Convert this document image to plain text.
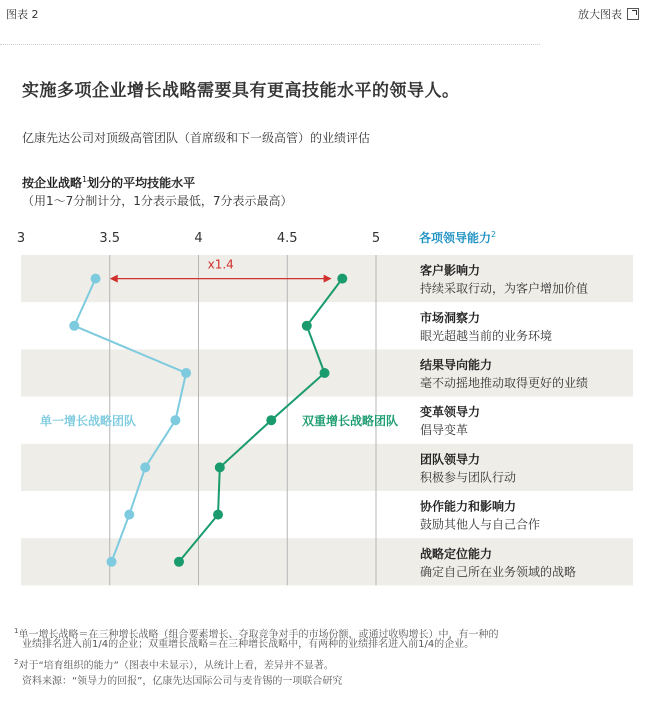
图表 2	放大图表
实施多项企业增长战略需要具有更高技能水平的领导人。
亿康先达公司对顶级高管团队（首席级和下一级高管）的业绩评估
按企业战略$^1$划分的平均技能水平
（用1～7分制计分，1分表示最低，7分表示最高）
3	3.5	4	4.5	5	各项领导能力$^2$
客户影响力
持续采取行动，为客户增加价值
市场洞察力
眼光超越当前的业务环境
结果导向能力
毫不动摇地推动取得更好的业绩
变革领导力
倡导变革
团队领导力
积极参与团队行动
协作能力和影响力
鼓励其他人与自己合作
战略定位能力
确定自己所在业务领域的战略
单一增长战略团队	双重增长战略团队
x1.4
$^1$单一增长战略＝在三种增长战略（组合要素增长、夺取竞争对手的市场份额，或通过收购增长）中，有一种的
业绩排名进入前1/4的企业；双重增长战略＝在三种增长战略中，有两种的业绩排名进入前1/4的企业。
$^2$对于“培育组织的能力”（图表中未显示），从统计上看，差异并不显著。
资料来源：“领导力的回报”，亿康先达国际公司与麦肯锡的一项联合研究
